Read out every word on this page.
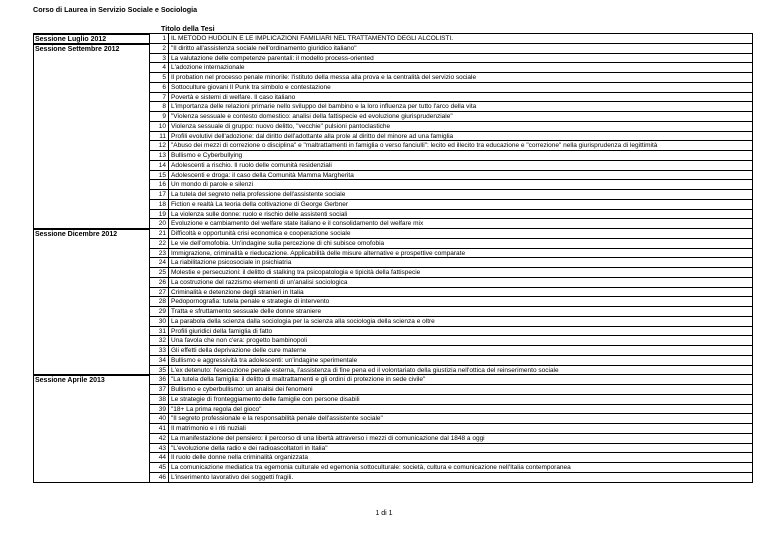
Corso di Laurea in Servizio Sociale e Sociologia
Titolo della Tesi
Sessione Luglio 2012	1 IL METODO HUDOLIN E LE IMPLICAZIONI FAMILIARI NEL TRATTAMENTO DEGLI ALCOLISTI.
Sessione Settembre 2012	2 "Il diritto all'assistenza sociale nell'ordinamento giuridico italiano"
3 La valutazione delle competenze parentali: il modello process-oriented
4 L'adozione internazionale
5 Il probation nel processo penale minorile: l'istituto della messa alla prova e la centralità del servizio sociale
6 Sottoculture giovani Il Punk tra simbolo e contestazione
7 Povertà e sistemi di welfare. Il caso italiano
8 L'importanza delle relazioni primarie nello sviluppo del bambino e la loro influenza per tutto l'arco della vita
9 "Violenza sessuale e contesto domestico: analisi della fattispecie ed evoluzione giurisprudenziale"
10 Violenza sessuale di gruppo: nuovo delitto, "vecchie" pulsioni pantoclastiche
11 Profili evolutivi dell'adozione: dal diritto dell'adottante alla prole al diritto del minore ad una famiglia
12 "Abuso dei mezzi di correzione o disciplina" e "maltrattamenti in famiglia o verso fanciulli": lecito ed illecito tra educazione e "correzione" nella giurisprudenza di legittimità
13 Bullismo e Cyberbullying
14 Adolescenti a rischio. Il ruolo delle comunità residenziali
15 Adolescenti e droga: il caso della Comunità Mamma Margherita
16 Un mondo di parole e silenzi
17 La tutela del segreto nella professione dell'assistente sociale
18 Fiction e realtà La teoria della coltivazione di George Gerbner
19 La violenza sulle donne: ruolo e rischio delle assistenti sociali
20 Evoluzione e cambiamento del welfare state italiano e il consolidamento del welfare mix
Sessione Dicembre 2012	21 Difficoltà e opportunità crisi economica e cooperazione sociale
22 Le vie dell'omofobia. Un'indagine sulla percezione di chi subisce omofobia
23 Immigrazione, criminalità e rieducazione. Applicabilità delle misure alternative e prospettive comparate
24 La riabilitazione psicosociale in psichiatria
25 Molestie e persecuzioni: il delitto di stalking tra psicopatologia e tipicità della fattispecie
26 La costruzione del razzismo elementi di un'analisi sociologica
27 Criminalità e detenzione degli stranieri in Italia
28 Pedopornografia: tutela penale e strategie di intervento
29 Tratta e sfruttamento sessuale delle donne straniere
30 La parabola della scienza dalla sociologia per la scienza alla sociologia della scienza e oltre
31 Profili giuridici della famiglia di fatto
32 Una favola che non c'era: progetto bambinopoli
33 Gli effetti della deprivazione delle cure materne
34 Bullismo e aggressività tra adolescenti: un'indagine sperimentale
35 L'ex detenuto: l'esecuzione penale esterna, l'assistenza di fine pena ed il volontariato della giustizia nell'ottica del reinserimento sociale
Sessione Aprile 2013	36 "La tutela della famiglia: il delitto di maltrattamenti e gli ordini di protezione in sede civile"
37 Bullismo e cyberbullismo: un analisi dei fenomeni
38 Le strategie di fronteggiamento delle famiglie con persone disabili
39 "18+ La prima regola del gioco"
40 "Il segreto professionale e la responsabilità penale dell'assistente sociale"
41 Il matrimonio e i riti nuziali
42 La manifestazione del pensiero: il percorso di una libertà attraverso i mezzi di comunicazione dal 1848 a oggi
43 "L'evoluzione della radio e dei radioascoltatori in Italia"
44 Il ruolo delle donne nella criminalità organizzata
45 La comunicazione mediatica tra egemonia culturale ed egemonia sottoculturale: società, cultura e comunicazione nell'Italia contemporanea
46 L'inserimento lavorativo dei soggetti fragili.
1 di 1
